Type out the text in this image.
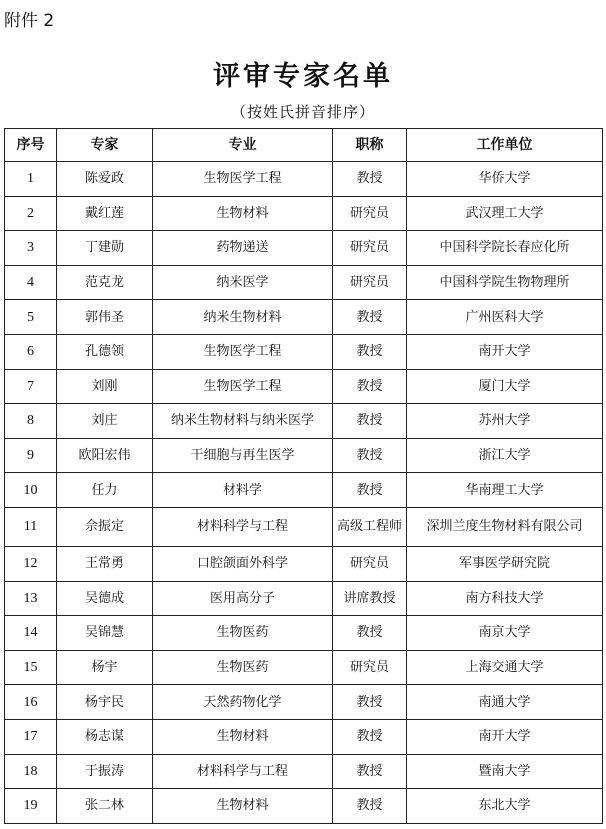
附件 2
评审专家名单
（按姓氏拼音排序）
序号	专家	专业	职称	工作单位
1	陈爱政	生物医学工程	教授	华侨大学
2	戴红莲	生物材料	研究员	武汉理工大学
3	丁建勋	药物递送	研究员	中国科学院长春应化所
4	范克龙	纳米医学	研究员	中国科学院生物物理所
5	郭伟圣	纳米生物材料	教授	广州医科大学
6	孔德领	生物医学工程	教授	南开大学
7	刘刚	生物医学工程	教授	厦门大学
8	刘庄	纳米生物材料与纳米医学	教授	苏州大学
9	欧阳宏伟	干细胞与再生医学	教授	浙江大学
10	任力	材料学	教授	华南理工大学
11	佘振定	材料科学与工程	高级工程师	深圳兰度生物材料有限公司
12	王常勇	口腔颌面外科学	研究员	军事医学研究院
13	吴德成	医用高分子	讲席教授	南方科技大学
14	吴锦慧	生物医药	教授	南京大学
15	杨宇	生物医药	研究员	上海交通大学
16	杨宇民	天然药物化学	教授	南通大学
17	杨志谋	生物材料	教授	南开大学
18	于振涛	材料科学与工程	教授	暨南大学
19	张二林	生物材料	教授	东北大学
